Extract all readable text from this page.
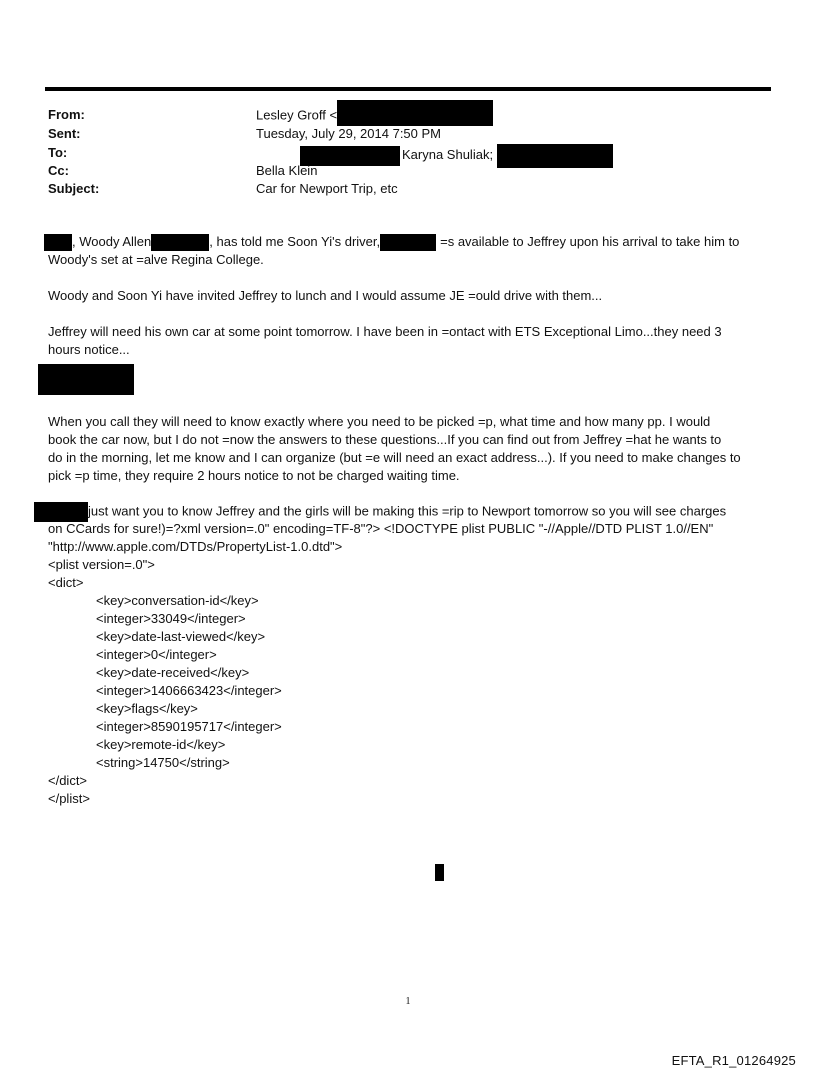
From:	Lesley Groff <
Sent:	Tuesday, July 29, 2014 7:50 PM
To:	Karyna Shuliak;
Cc:	Bella Klein
Subject:	Car for Newport Trip, etc
, Woody Allen	, has told me Soon Yi's driver,	=s available to Jeffrey upon his arrival to take him to
Woody's set at =alve Regina College.
Woody and Soon Yi have invited Jeffrey to lunch and I would assume JE =ould drive with them...
Jeffrey will need his own car at some point tomorrow. I have been in =ontact with ETS Exceptional Limo...they need 3
hours notice...
When you call they will need to know exactly where you need to be picked =p, what time and how many pp. I would
book the car now, but I do not =now the answers to these questions...If you can find out from Jeffrey =hat he wants to
do in the morning, let me know and I can organize (but =e will need an exact address...). If you need to make changes to
pick =p time, they require 2 hours notice to not be charged waiting time.
just want you to know Jeffrey and the girls will be making this =rip to Newport tomorrow so you will see charges
on CCards for sure!)=?xml version=.0" encoding=TF-8"?> <!DOCTYPE plist PUBLIC "-//Apple//DTD PLIST 1.0//EN"
"http://www.apple.com/DTDs/PropertyList-1.0.dtd">
<plist version=.0">
<dict>
<key>conversation-id</key>
<integer>33049</integer>
<key>date-last-viewed</key>
<integer>0</integer>
<key>date-received</key>
<integer>1406663423</integer>
<key>flags</key>
<integer>8590195717</integer>
<key>remote-id</key>
<string>14750</string>
</dict>
</plist>
1
EFTA_R1_01264925
